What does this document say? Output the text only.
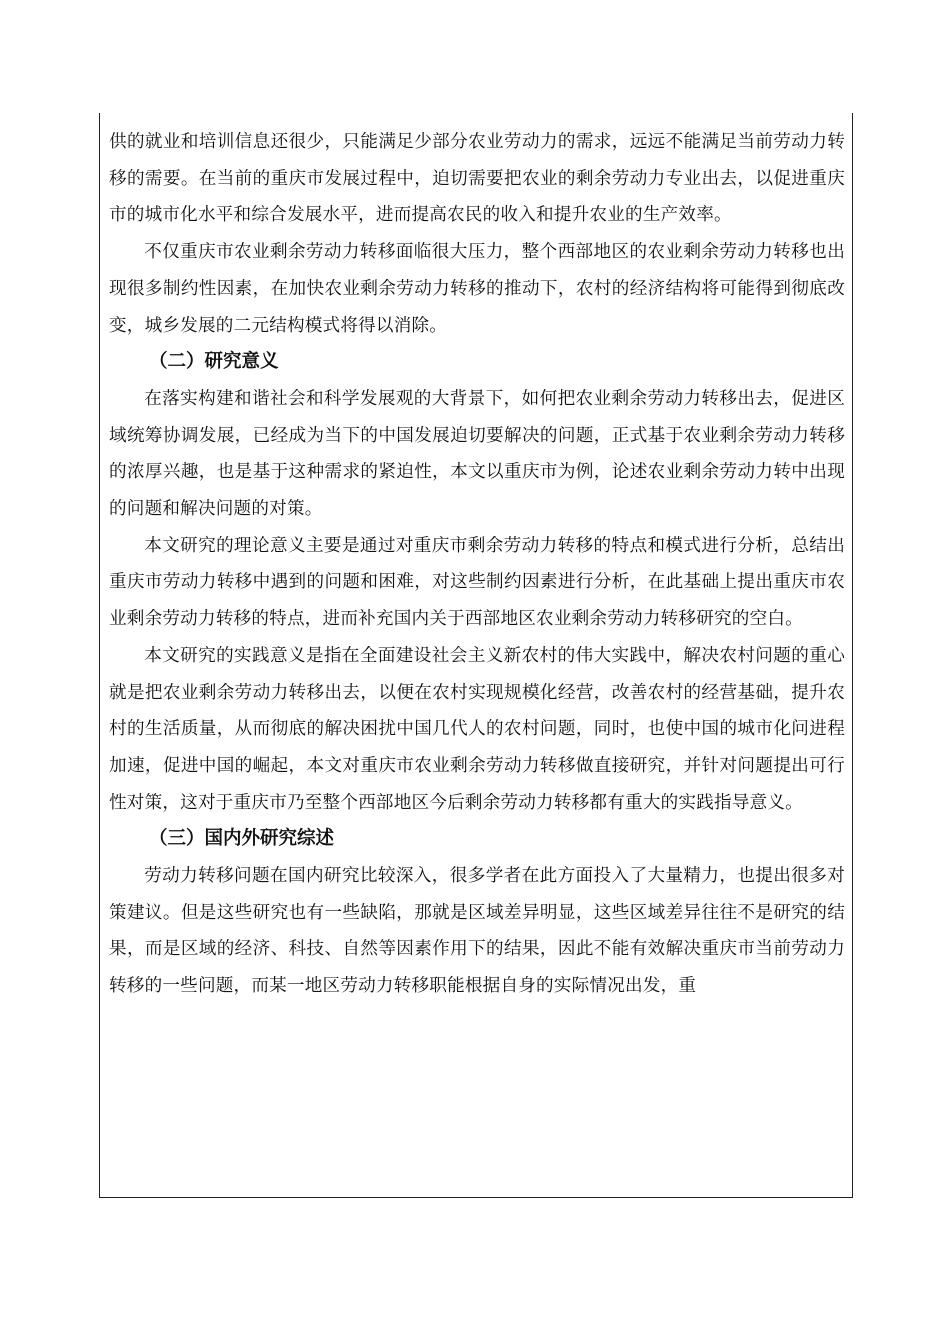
供的就业和培训信息还很少，只能满足少部分农业劳动力的需求，远远不能满足当前劳动力转移的需要。在当前的重庆市发展过程中，迫切需要把农业的剩余劳动力专业出去，以促进重庆市的城市化水平和综合发展水平，进而提高农民的收入和提升农业的生产效率。

不仅重庆市农业剩余劳动力转移面临很大压力，整个西部地区的农业剩余劳动力转移也出现很多制约性因素，在加快农业剩余劳动力转移的推动下，农村的经济结构将可能得到彻底改变，城乡发展的二元结构模式将得以消除。

（二）研究意义

在落实构建和谐社会和科学发展观的大背景下，如何把农业剩余劳动力转移出去，促进区域统筹协调发展，已经成为当下的中国发展迫切要解决的问题，正式基于农业剩余劳动力转移的浓厚兴趣，也是基于这种需求的紧迫性，本文以重庆市为例，论述农业剩余劳动力转中出现的问题和解决问题的对策。

本文研究的理论意义主要是通过对重庆市剩余劳动力转移的特点和模式进行分析，总结出重庆市劳动力转移中遇到的问题和困难，对这些制约因素进行分析，在此基础上提出重庆市农业剩余劳动力转移的特点，进而补充国内关于西部地区农业剩余劳动力转移研究的空白。

本文研究的实践意义是指在全面建设社会主义新农村的伟大实践中，解决农村问题的重心就是把农业剩余劳动力转移出去，以便在农村实现规模化经营，改善农村的经营基础，提升农村的生活质量，从而彻底的解决困扰中国几代人的农村问题，同时，也使中国的城市化问进程加速，促进中国的崛起，本文对重庆市农业剩余劳动力转移做直接研究，并针对问题提出可行性对策，这对于重庆市乃至整个西部地区今后剩余劳动力转移都有重大的实践指导意义。

（三）国内外研究综述

劳动力转移问题在国内研究比较深入，很多学者在此方面投入了大量精力，也提出很多对策建议。但是这些研究也有一些缺陷，那就是区域差异明显，这些区域差异往往不是研究的结果，而是区域的经济、科技、自然等因素作用下的结果，因此不能有效解决重庆市当前劳动力转移的一些问题，而某一地区劳动力转移职能根据自身的实际情况出发，重
